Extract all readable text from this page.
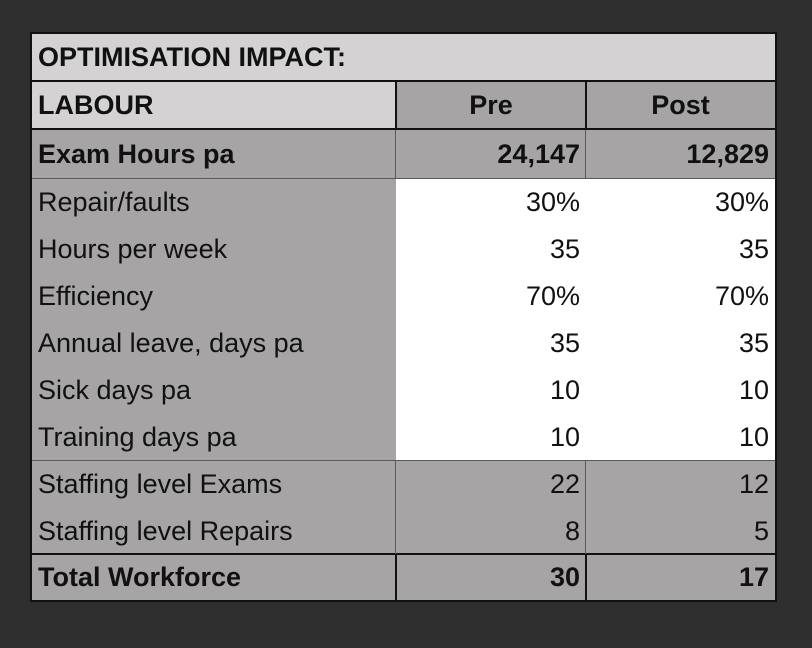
OPTIMISATION IMPACT:
LABOUR	Pre	Post
Exam Hours pa	24,147	12,829
Repair/faults	30%	30%
Hours per week	35	35
Efficiency	70%	70%
Annual leave, days pa	35	35
Sick days pa	10	10
Training days pa	10	10
Staffing level Exams	22	12
Staffing level Repairs	8	5
Total Workforce	30	17
